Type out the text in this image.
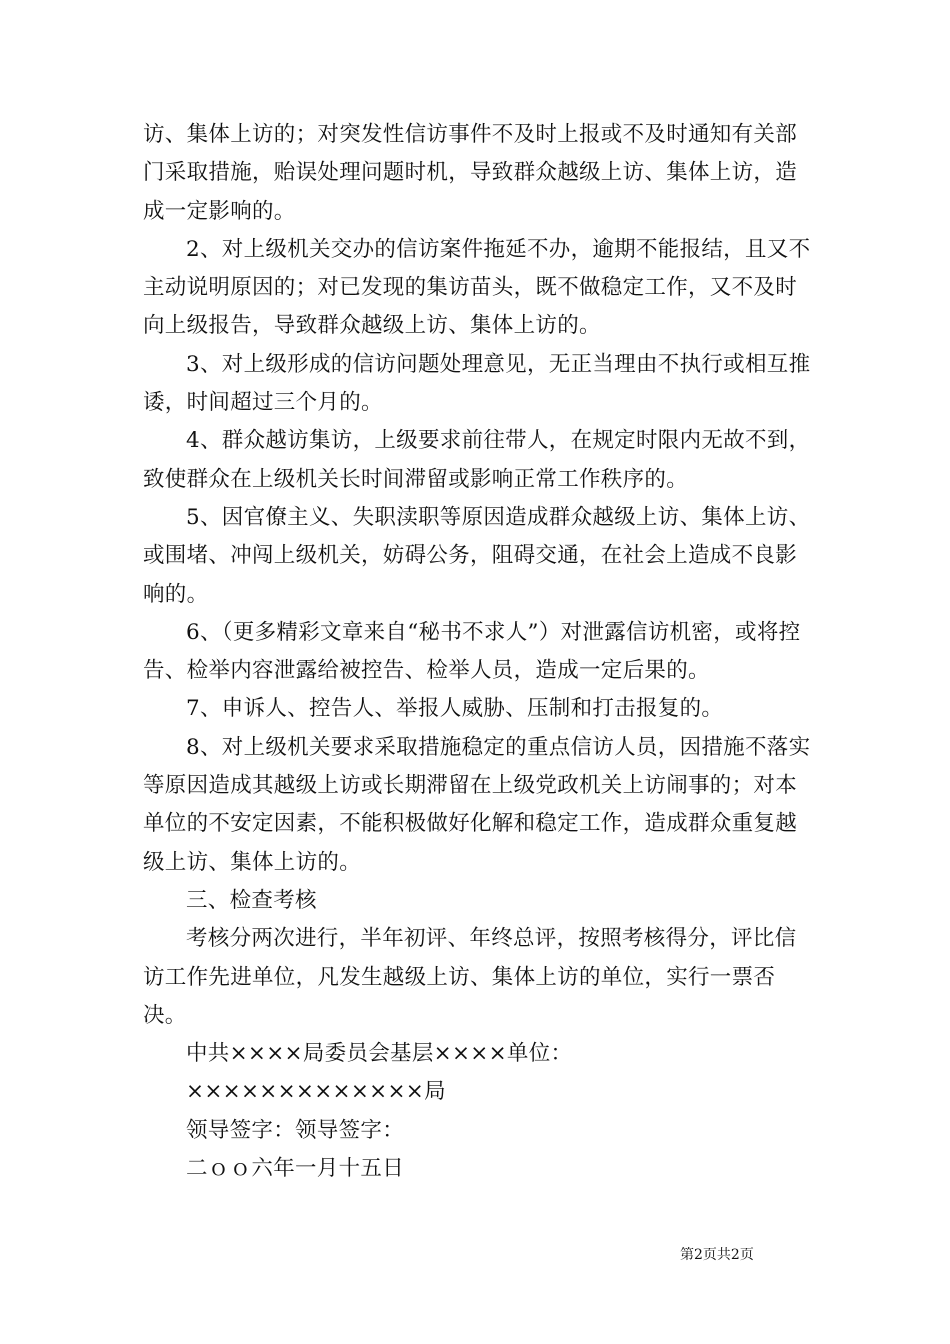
访、集体上访的；对突发性信访事件不及时上报或不及时通知有关部门采取措施，贻误处理问题时机，导致群众越级上访、集体上访，造成一定影响的。

2、对上级机关交办的信访案件拖延不办，逾期不能报结，且又不主动说明原因的；对已发现的集访苗头，既不做稳定工作，又不及时向上级报告，导致群众越级上访、集体上访的。

3、对上级形成的信访问题处理意见，无正当理由不执行或相互推诿，时间超过三个月的。

4、群众越访集访，上级要求前往带人，在规定时限内无故不到，致使群众在上级机关长时间滞留或影响正常工作秩序的。

5、因官僚主义、失职渎职等原因造成群众越级上访、集体上访、或围堵、冲闯上级机关，妨碍公务，阻碍交通，在社会上造成不良影响的。

6、（更多精彩文章来自“秘书不求人”）对泄露信访机密，或将控告、检举内容泄露给被控告、检举人员，造成一定后果的。

7、申诉人、控告人、举报人威胁、压制和打击报复的。

8、对上级机关要求采取措施稳定的重点信访人员，因措施不落实等原因造成其越级上访或长期滞留在上级党政机关上访闹事的；对本单位的不安定因素，不能积极做好化解和稳定工作，造成群众重复越级上访、集体上访的。

三、检查考核

考核分两次进行，半年初评、年终总评，按照考核得分，评比信访工作先进单位，凡发生越级上访、集体上访的单位，实行一票否决。

中共××××局委员会基层××××单位：

×××××××××××××局

领导签字：领导签字：

二ｏｏ六年一月十五日

第2页共2页
